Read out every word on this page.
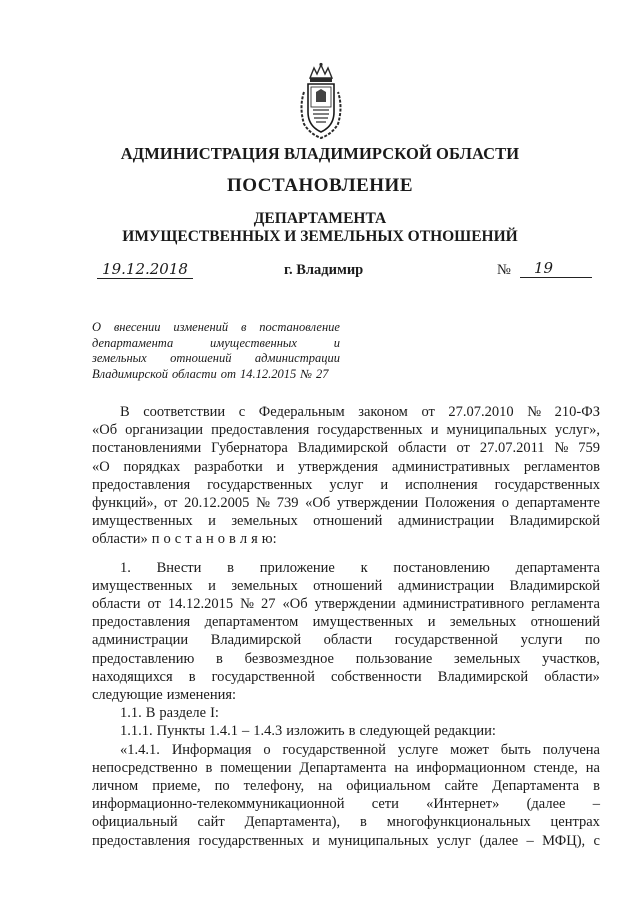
АДМИНИСТРАЦИЯ ВЛАДИМИРСКОЙ ОБЛАСТИ
ПОСТАНОВЛЕНИЕ
ДЕПАРТАМЕНТА
ИМУЩЕСТВЕННЫХ И ЗЕМЕЛЬНЫХ ОТНОШЕНИЙ
19.12.2018	г. Владимир	№	19
О внесении изменений в постановление
департамента	имущественных	и
земельных отношений администрации
Владимирской области от 14.12.2015 № 27
В соответствии с Федеральным законом от 27.07.2010 № 210-ФЗ
«Об организации предоставления государственных и муниципальных услуг»,
постановлениями Губернатора Владимирской области от 27.07.2011 № 759
«О порядках разработки и утверждения административных регламентов
предоставления государственных услуг и исполнения государственных
функций», от 20.12.2005 № 739 «Об утверждении Положения о департаменте
имущественных и земельных отношений администрации Владимирской
области» п о с т а н о в л я ю:
1. Внести в приложение к постановлению департамента
имущественных и земельных отношений администрации Владимирской
области от 14.12.2015 № 27 «Об утверждении административного регламента
предоставления департаментом имущественных и земельных отношений
администрации Владимирской области государственной услуги по
предоставлению в безвозмездное пользование земельных участков,
находящихся в государственной собственности Владимирской области»
следующие изменения:
1.1. В разделе I:
1.1.1. Пункты 1.4.1 – 1.4.3 изложить в следующей редакции:
«1.4.1. Информация о государственной услуге может быть получена
непосредственно в помещении Департамента на информационном стенде, на
личном приеме, по телефону, на официальном сайте Департамента в
информационно-телекоммуникационной сети «Интернет» (далее –
официальный сайт Департамента), в многофункциональных центрах
предоставления государственных и муниципальных услуг (далее – МФЦ), с
